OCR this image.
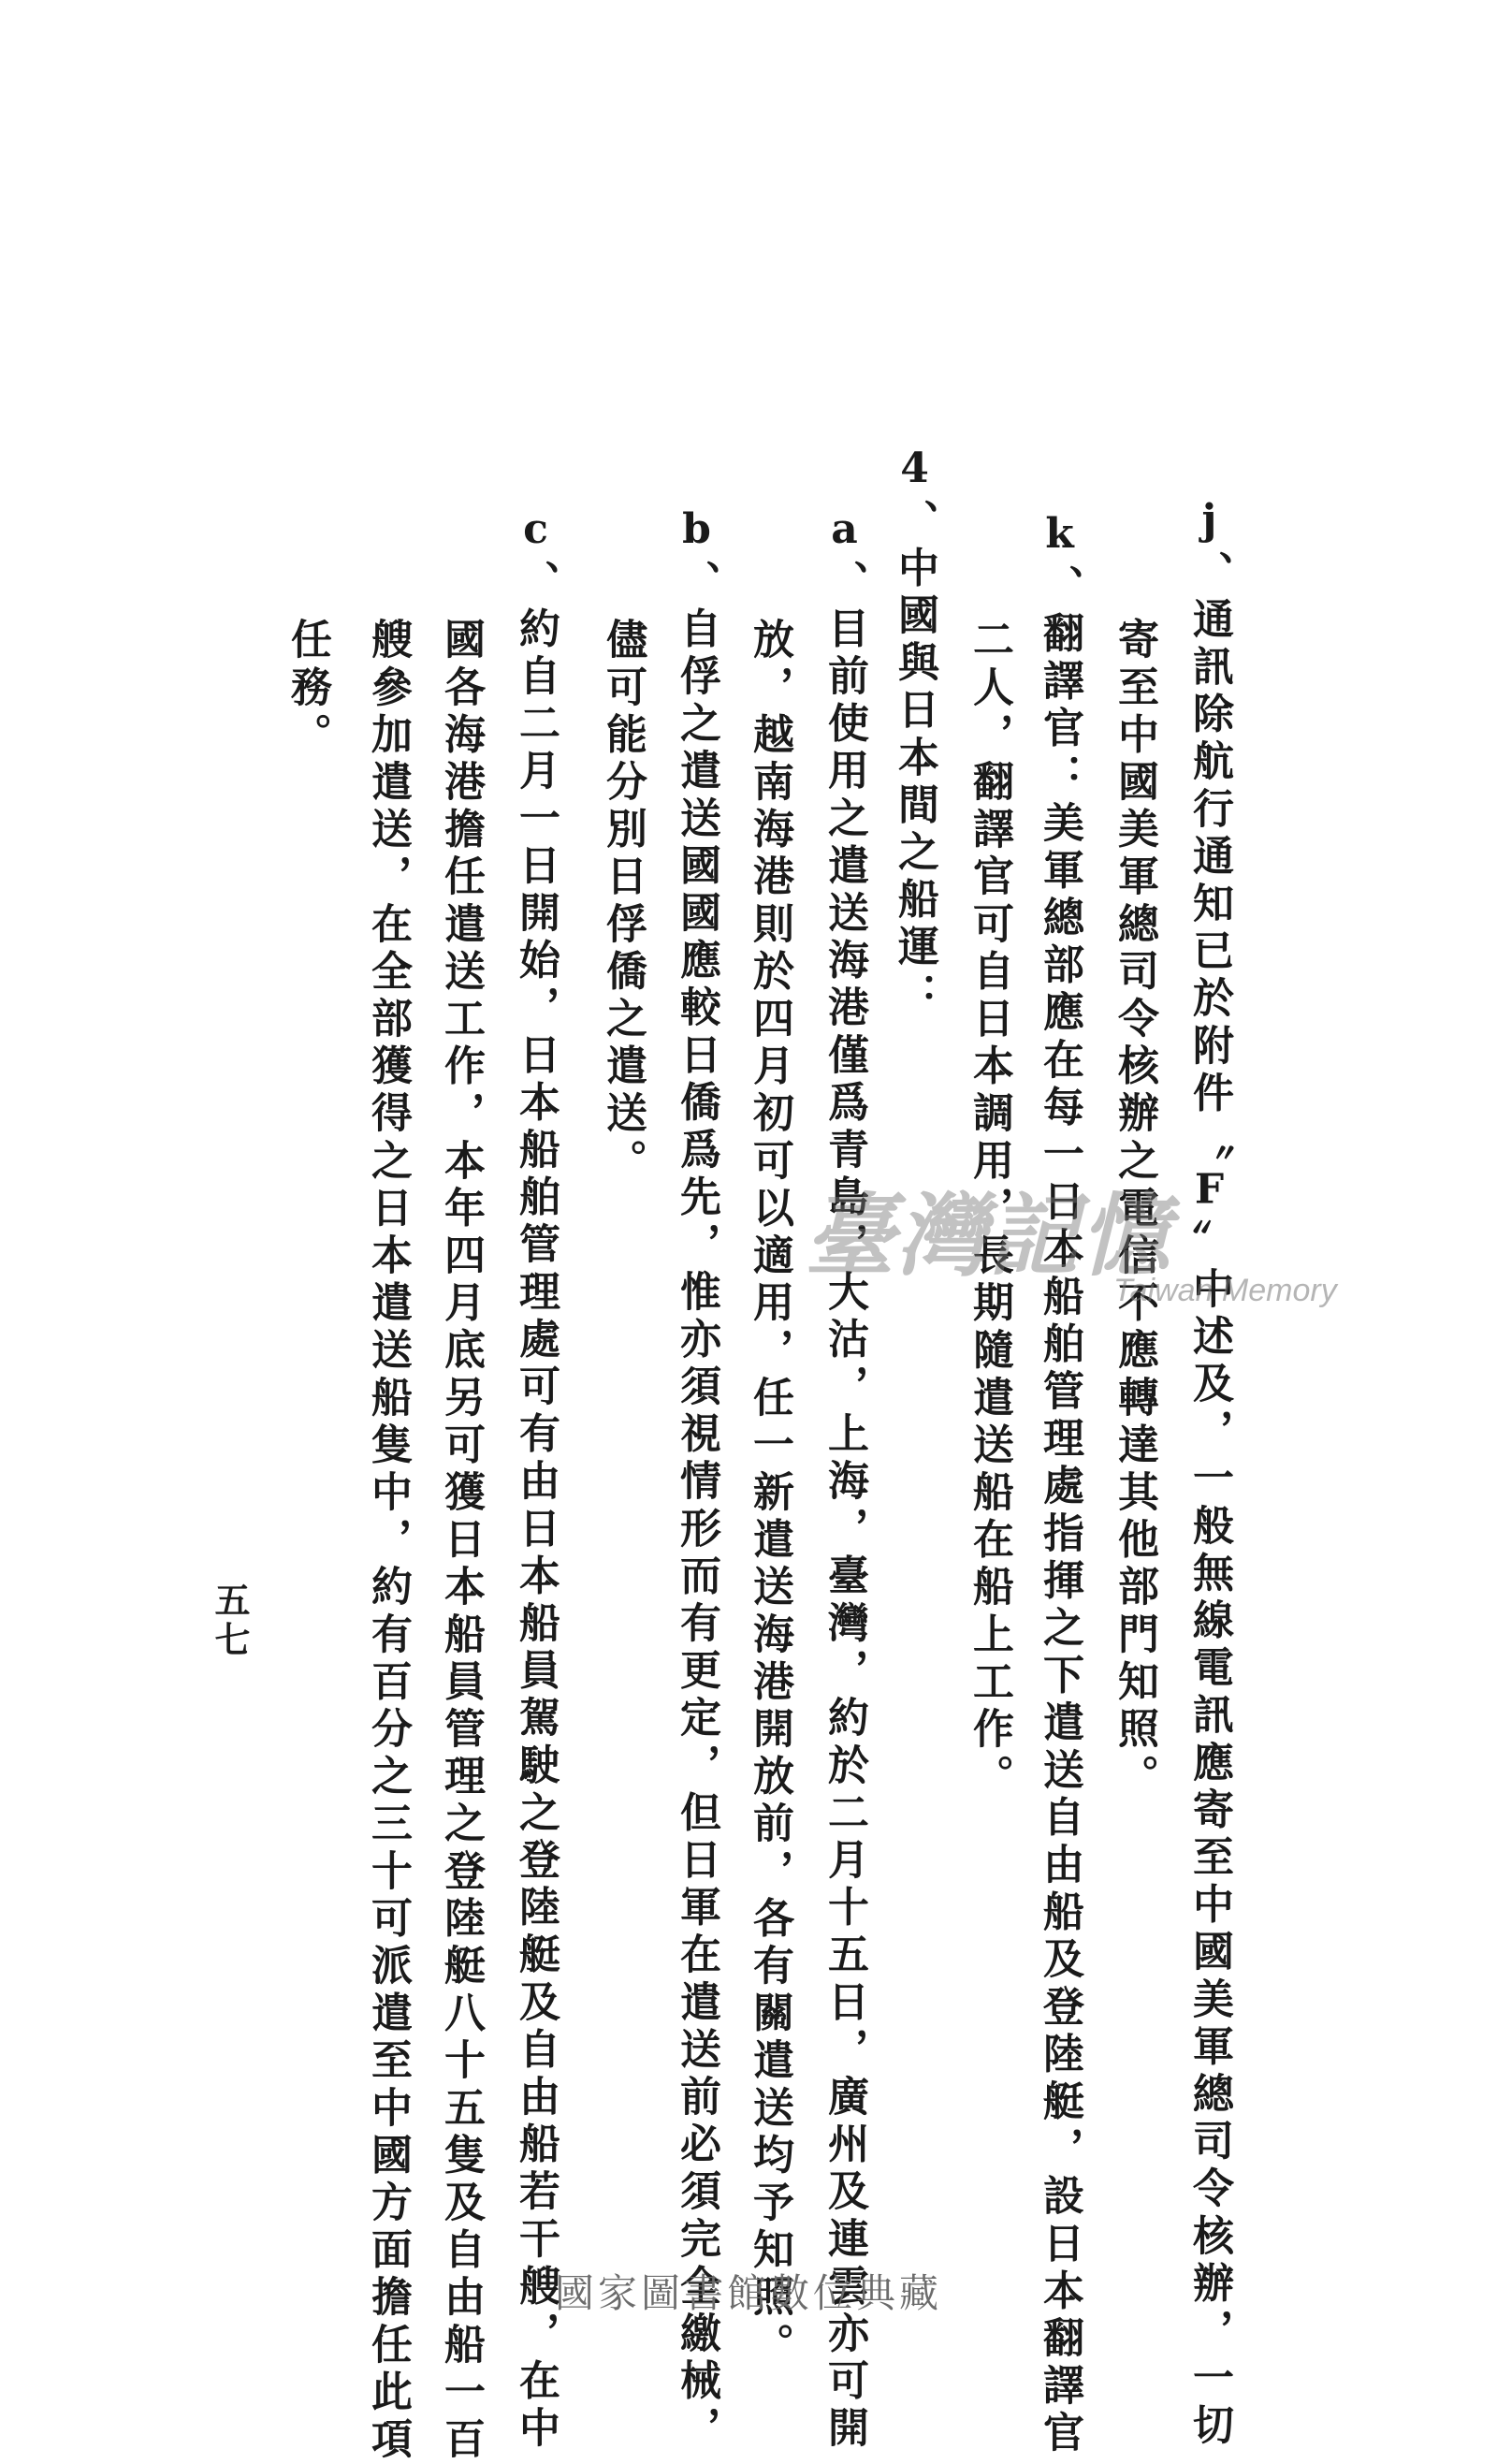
j、通訊除航行通知已於附件〝F〞中述及，一般無線電訊應寄至中國美軍總司令核辦，一切
寄至中國美軍總司令核辦之電信不應轉達其他部門知照。
k、翻譯官：美軍總部應在每一日本船舶管理處指揮之下遣送自由船及登陸艇，設日本翻譯官
二人，翻譯官可自日本調用，長期隨遣送船在船上工作。
4、中國與日本間之船運：
a、目前使用之遣送海港僅爲青島，大沽，上海，臺灣，約於二月十五日，廣州及連雲亦可開
放，越南海港則於四月初可以適用，任一新遣送海港開放前，各有關遣送均予知照。
b、自俘之遣送國國應較日僑爲先，惟亦須視情形而有更定，但日軍在遣送前必須完全繳械，
儘可能分別日俘僑之遣送。
c、約自二月一日開始，日本船舶管理處可有由日本船員駕駛之登陸艇及自由船若干艘，在中
國各海港擔任遣送工作，本年四月底另可獲日本船員管理之登陸艇八十五隻及自由船一百
艘參加遣送，在全部獲得之日本遣送船隻中，約有百分之三十可派遣至中國方面擔任此項
任務。
五七
臺灣記憶
Taiwan Memory
國家圖書館數位典藏
